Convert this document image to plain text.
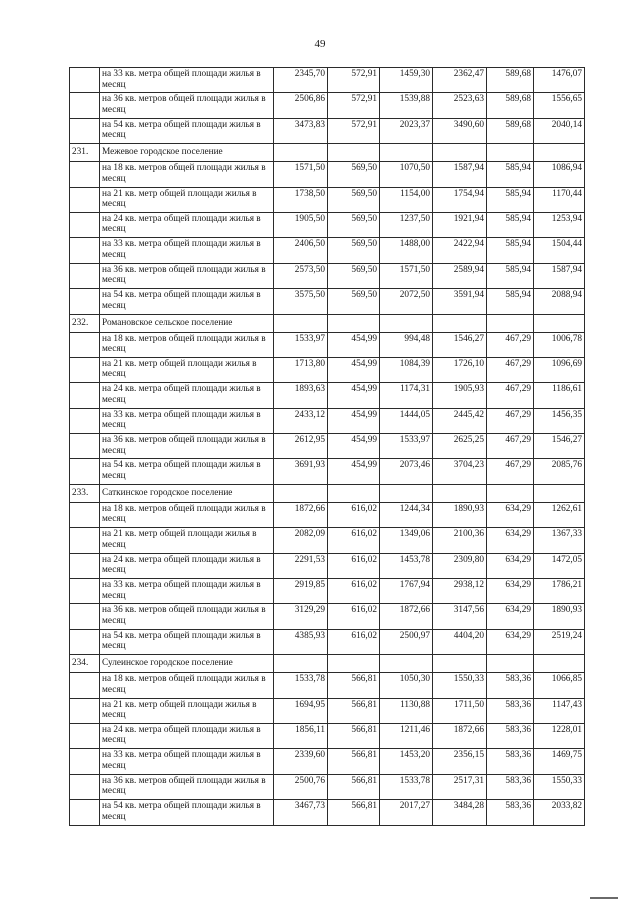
49
	на 33 кв. метра общей площади жилья в месяц	2345,70	572,91	1459,30	2362,47	589,68	1476,07
	на 36 кв. метров общей площади жилья в месяц	2506,86	572,91	1539,88	2523,63	589,68	1556,65
	на 54 кв. метра общей площади жилья в месяц	3473,83	572,91	2023,37	3490,60	589,68	2040,14
231.	Межевое городское поселение						
	на 18 кв. метров общей площади жилья в месяц	1571,50	569,50	1070,50	1587,94	585,94	1086,94
	на 21 кв. метр общей площади жилья в месяц	1738,50	569,50	1154,00	1754,94	585,94	1170,44
	на 24 кв. метра общей площади жилья в месяц	1905,50	569,50	1237,50	1921,94	585,94	1253,94
	на 33 кв. метра общей площади жилья в месяц	2406,50	569,50	1488,00	2422,94	585,94	1504,44
	на 36 кв. метров общей площади жилья в месяц	2573,50	569,50	1571,50	2589,94	585,94	1587,94
	на 54 кв. метра общей площади жилья в месяц	3575,50	569,50	2072,50	3591,94	585,94	2088,94
232.	Романовское сельское поселение						
	на 18 кв. метров общей площади жилья в месяц	1533,97	454,99	994,48	1546,27	467,29	1006,78
	на 21 кв. метр общей площади жилья в месяц	1713,80	454,99	1084,39	1726,10	467,29	1096,69
	на 24 кв. метра общей площади жилья в месяц	1893,63	454,99	1174,31	1905,93	467,29	1186,61
	на 33 кв. метра общей площади жилья в месяц	2433,12	454,99	1444,05	2445,42	467,29	1456,35
	на 36 кв. метров общей площади жилья в месяц	2612,95	454,99	1533,97	2625,25	467,29	1546,27
	на 54 кв. метра общей площади жилья в месяц	3691,93	454,99	2073,46	3704,23	467,29	2085,76
233.	Саткинское городское поселение						
	на 18 кв. метров общей площади жилья в месяц	1872,66	616,02	1244,34	1890,93	634,29	1262,61
	на 21 кв. метр общей площади жилья в месяц	2082,09	616,02	1349,06	2100,36	634,29	1367,33
	на 24 кв. метра общей площади жилья в месяц	2291,53	616,02	1453,78	2309,80	634,29	1472,05
	на 33 кв. метра общей площади жилья в месяц	2919,85	616,02	1767,94	2938,12	634,29	1786,21
	на 36 кв. метров общей площади жилья в месяц	3129,29	616,02	1872,66	3147,56	634,29	1890,93
	на 54 кв. метра общей площади жилья в месяц	4385,93	616,02	2500,97	4404,20	634,29	2519,24
234.	Сулеинское городское поселение						
	на 18 кв. метров общей площади жилья в месяц	1533,78	566,81	1050,30	1550,33	583,36	1066,85
	на 21 кв. метр общей площади жилья в месяц	1694,95	566,81	1130,88	1711,50	583,36	1147,43
	на 24 кв. метра общей площади жилья в месяц	1856,11	566,81	1211,46	1872,66	583,36	1228,01
	на 33 кв. метра общей площади жилья в месяц	2339,60	566,81	1453,20	2356,15	583,36	1469,75
	на 36 кв. метров общей площади жилья в месяц	2500,76	566,81	1533,78	2517,31	583,36	1550,33
	на 54 кв. метра общей площади жилья в месяц	3467,73	566,81	2017,27	3484,28	583,36	2033,82
